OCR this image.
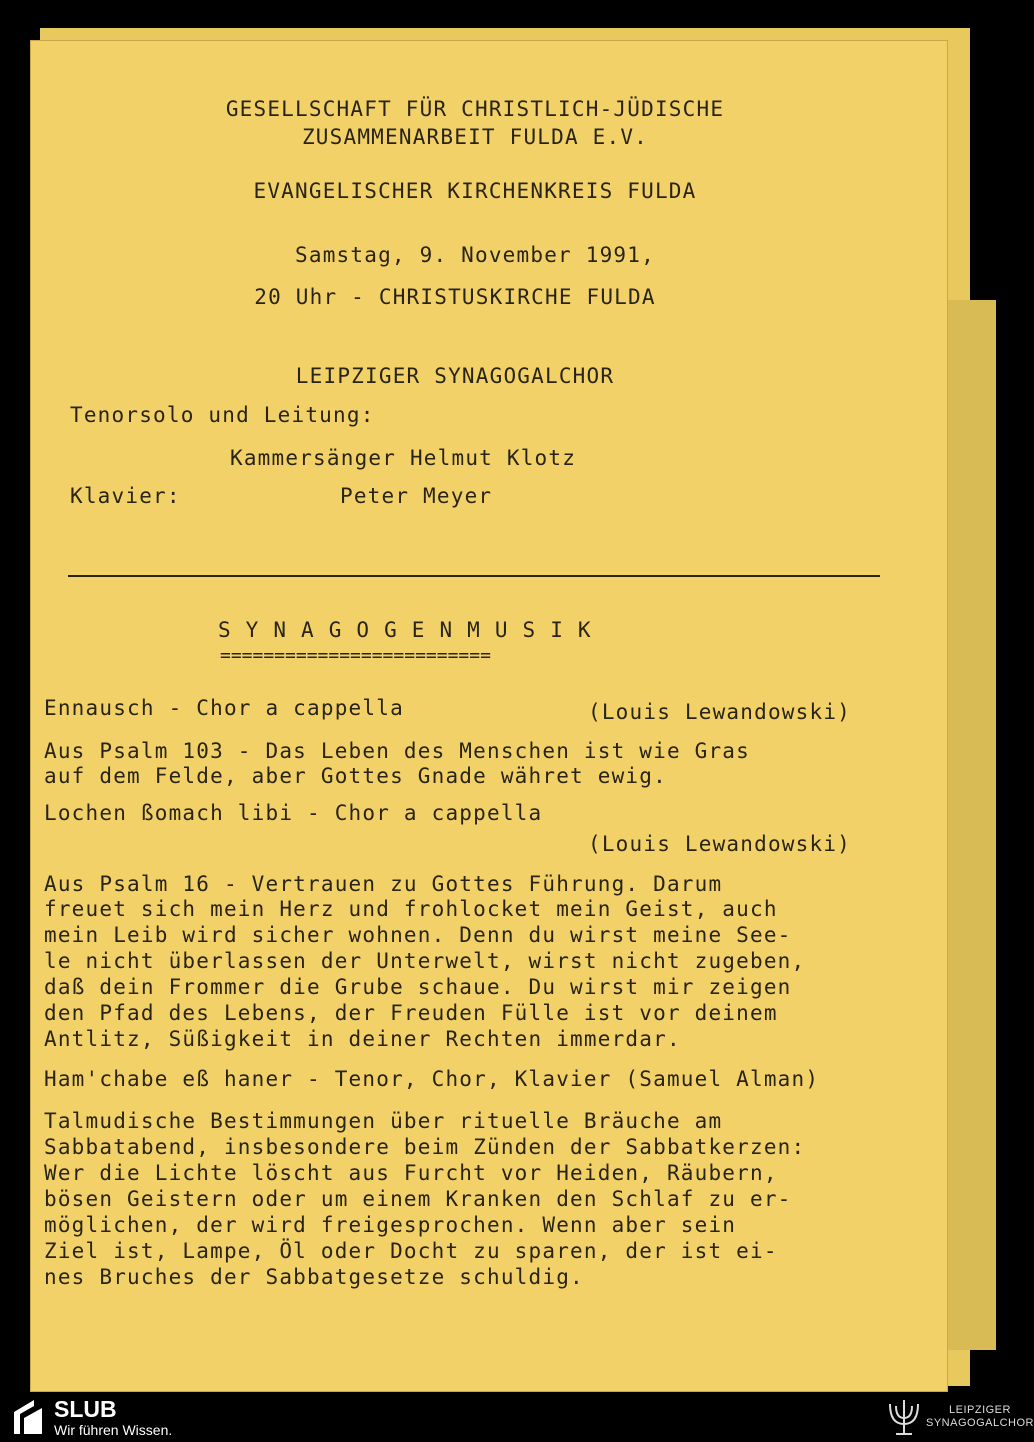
GESELLSCHAFT FÜR CHRISTLICH-JÜDISCHE
ZUSAMMENARBEIT FULDA E.V.
EVANGELISCHER KIRCHENKREIS FULDA
Samstag, 9. November 1991,
20 Uhr - CHRISTUSKIRCHE FULDA
LEIPZIGER SYNAGOGALCHOR
Tenorsolo und Leitung:
Kammersänger Helmut Klotz
Klavier:	Peter Meyer
S Y N A G O G E N M U S I K
=========================
Ennausch - Chor a cappella	(Louis Lewandowski)
Aus Psalm 103 - Das Leben des Menschen ist wie Gras
auf dem Felde, aber Gottes Gnade währet ewig.
Lochen ßomach libi - Chor a cappella
(Louis Lewandowski)
Aus Psalm 16 - Vertrauen zu Gottes Führung. Darum
freuet sich mein Herz und frohlocket mein Geist, auch
mein Leib wird sicher wohnen. Denn du wirst meine See-
le nicht überlassen der Unterwelt, wirst nicht zugeben,
daß dein Frommer die Grube schaue. Du wirst mir zeigen
den Pfad des Lebens, der Freuden Fülle ist vor deinem
Antlitz, Süßigkeit in deiner Rechten immerdar.
Ham'chabe eß haner - Tenor, Chor, Klavier (Samuel Alman)
Talmudische Bestimmungen über rituelle Bräuche am
Sabbatabend, insbesondere beim Zünden der Sabbatkerzen:
Wer die Lichte löscht aus Furcht vor Heiden, Räubern,
bösen Geistern oder um einem Kranken den Schlaf zu er-
möglichen, der wird freigesprochen. Wenn aber sein
Ziel ist, Lampe, Öl oder Docht zu sparen, der ist ei-
nes Bruches der Sabbatgesetze schuldig.
SLUB
Wir führen Wissen.
LEIPZIGER
SYNAGOGALCHOR
